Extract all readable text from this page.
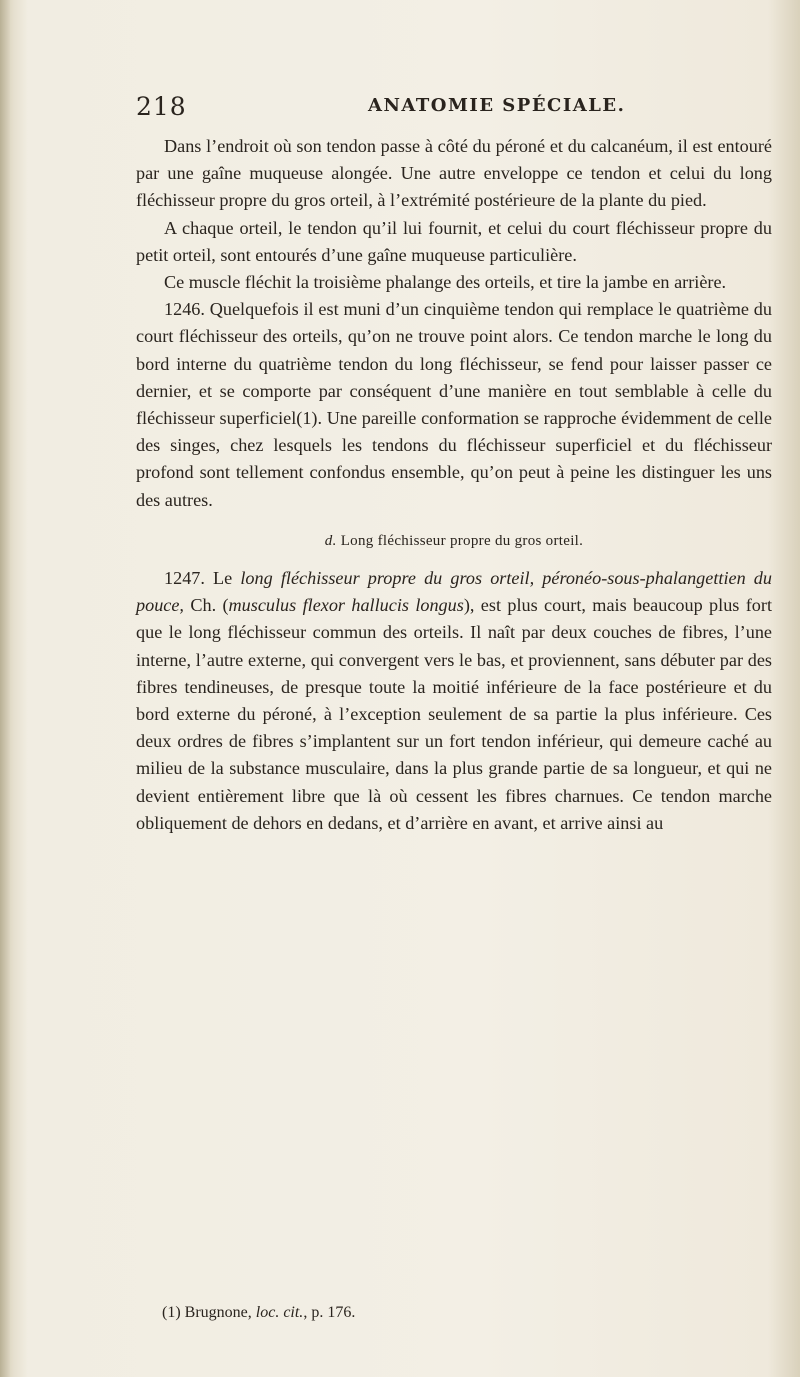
218	ANATOMIE SPÉCIALE.

Dans l’endroit où son tendon passe à côté du péroné et du calcanéum, il est entouré par une gaîne muqueuse alongée. Une autre enveloppe ce tendon et celui du long fléchisseur propre du gros orteil, à l’extrémité postérieure de la plante du pied.

A chaque orteil, le tendon qu’il lui fournit, et celui du court fléchisseur propre du petit orteil, sont entourés d’une gaîne muqueuse particulière.

Ce muscle fléchit la troisième phalange des orteils, et tire la jambe en arrière.

1246. Quelquefois il est muni d’un cinquième tendon qui remplace le quatrième du court fléchisseur des orteils, qu’on ne trouve point alors. Ce tendon marche le long du bord interne du quatrième tendon du long fléchisseur, se fend pour laisser passer ce dernier, et se comporte par conséquent d’une manière en tout semblable à celle du fléchisseur superficiel(1). Une pareille conformation se rapproche évidemment de celle des singes, chez lesquels les tendons du fléchisseur superficiel et du fléchisseur profond sont tellement confondus ensemble, qu’on peut à peine les distinguer les uns des autres.

d. Long fléchisseur propre du gros orteil.

1247. Le long fléchisseur propre du gros orteil, péronéo-sous-phalangettien du pouce, Ch. (musculus flexor hallucis longus), est plus court, mais beaucoup plus fort que le long fléchisseur commun des orteils. Il naît par deux couches de fibres, l’une interne, l’autre externe, qui convergent vers le bas, et proviennent, sans débuter par des fibres tendineuses, de presque toute la moitié inférieure de la face postérieure et du bord externe du péroné, à l’exception seulement de sa partie la plus inférieure. Ces deux ordres de fibres s’implantent sur un fort tendon inférieur, qui demeure caché au milieu de la substance musculaire, dans la plus grande partie de sa longueur, et qui ne devient entièrement libre que là où cessent les fibres charnues. Ce tendon marche obliquement de dehors en dedans, et d’arrière en avant, et arrive ainsi au

(1) Brugnone, loc. cit., p. 176.
